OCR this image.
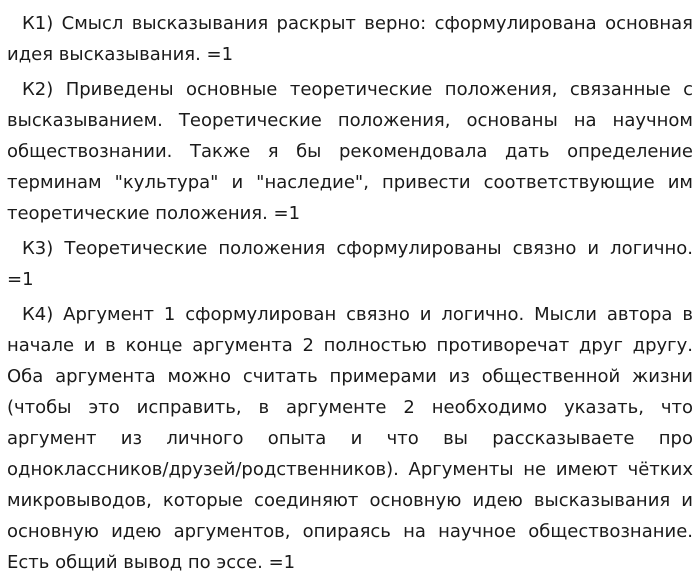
К1) Смысл высказывания раскрыт верно: сформулирована основная идея высказывания. =1

К2) Приведены основные теоретические положения, связанные с высказыванием. Теоретические положения, основаны на научном обществознании. Также я бы рекомендовала дать определение терминам "культура" и "наследие", привести соответствующие им теоретические положения. =1

К3) Теоретические положения сформулированы связно и логично. =1

К4) Аргумент 1 сформулирован связно и логично. Мысли автора в начале и в конце аргумента 2 полностью противоречат друг другу. Оба аргумента можно считать примерами из общественной жизни (чтобы это исправить, в аргументе 2 необходимо указать, что аргумент из личного опыта и что вы рассказываете про одноклассников/друзей/родственников). Аргументы не имеют чётких микровыводов, которые соединяют основную идею высказывания и основную идею аргументов, опираясь на научное обществознание. Есть общий вывод по эссе. =1
